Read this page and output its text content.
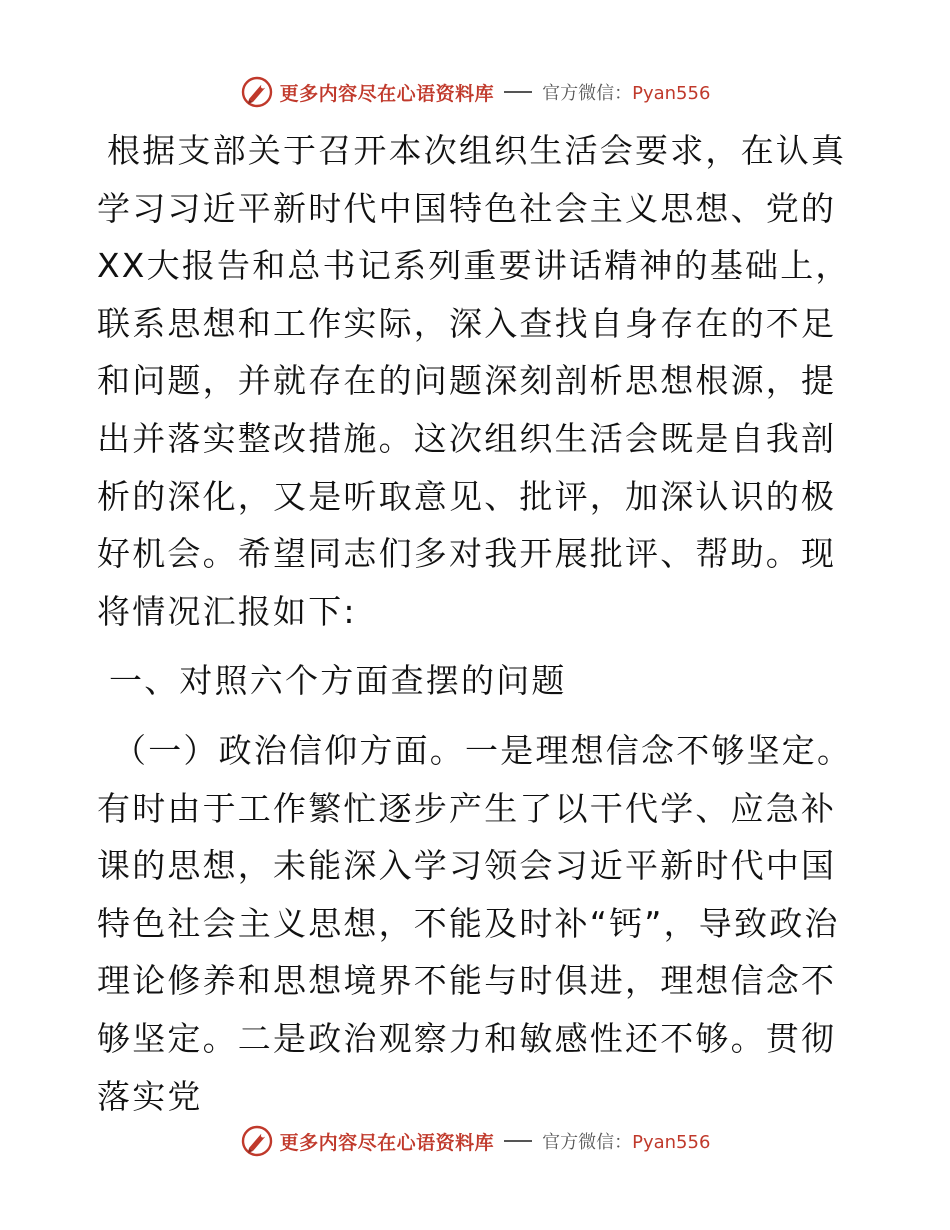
更多内容尽在心语资料库	官方微信：Pyan556

根据支部关于召开本次组织生活会要求，在认真学习习近平新时代中国特色社会主义思想、党的XX大报告和总书记系列重要讲话精神的基础上，联系思想和工作实际，深入查找自身存在的不足和问题，并就存在的问题深刻剖析思想根源，提出并落实整改措施。这次组织生活会既是自我剖析的深化，又是听取意见、批评，加深认识的极好机会。希望同志们多对我开展批评、帮助。现将情况汇报如下:

一、对照六个方面查摆的问题

（一）政治信仰方面。一是理想信念不够坚定。有时由于工作繁忙逐步产生了以干代学、应急补课的思想，未能深入学习领会习近平新时代中国特色社会主义思想，不能及时补“钙”，导致政治理论修养和思想境界不能与时俱进，理想信念不够坚定。二是政治观察力和敏感性还不够。贯彻落实党

更多内容尽在心语资料库	官方微信：Pyan556
